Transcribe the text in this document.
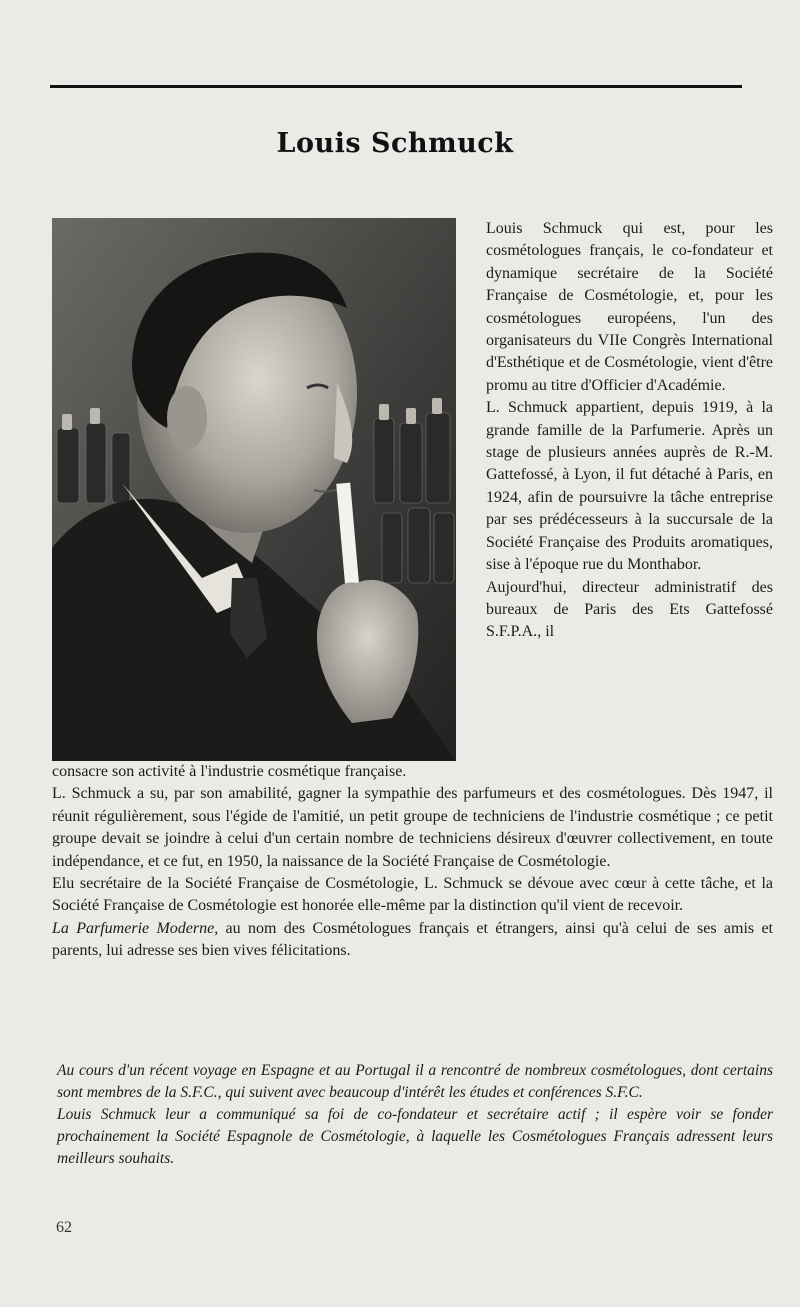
Louis Schmuck

Louis Schmuck qui est, pour les cosmétologues français, le co-fondateur et dynamique secrétaire de la Société Française de Cosmétologie, et, pour les cosmétologues européens, l'un des organisateurs du VIIe Congrès International d'Esthétique et de Cosmétologie, vient d'être promu au titre d'Officier d'Académie.

L. Schmuck appartient, depuis 1919, à la grande famille de la Parfumerie. Après un stage de plusieurs années auprès de R.-M. Gattefossé, à Lyon, il fut détaché à Paris, en 1924, afin de poursuivre la tâche entreprise par ses prédécesseurs à la succursale de la Société Française des Produits aromatiques, sise à l'époque rue du Monthabor.

Aujourd'hui, directeur administratif des bureaux de Paris des Ets Gattefossé S.F.P.A., il

consacre son activité à l'industrie cosmétique française.

L. Schmuck a su, par son amabilité, gagner la sympathie des parfumeurs et des cosmétologues. Dès 1947, il réunit régulièrement, sous l'égide de l'amitié, un petit groupe de techniciens de l'industrie cosmétique ; ce petit groupe devait se joindre à celui d'un certain nombre de techniciens désireux d'œuvrer collectivement, en toute indépendance, et ce fut, en 1950, la naissance de la Société Française de Cosmétologie.

Elu secrétaire de la Société Française de Cosmétologie, L. Schmuck se dévoue avec cœur à cette tâche, et la Société Française de Cosmétologie est honorée elle-même par la distinction qu'il vient de recevoir.

La Parfumerie Moderne, au nom des Cosmétologues français et étrangers, ainsi qu'à celui de ses amis et parents, lui adresse ses bien vives félicitations.

Au cours d'un récent voyage en Espagne et au Portugal il a rencontré de nombreux cosmétologues, dont certains sont membres de la S.F.C., qui suivent avec beaucoup d'intérêt les études et conférences S.F.C.

Louis Schmuck leur a communiqué sa foi de co-fondateur et secrétaire actif ; il espère voir se fonder prochainement la Société Espagnole de Cosmétologie, à laquelle les Cosmétologues Français adressent leurs meilleurs souhaits.

62
